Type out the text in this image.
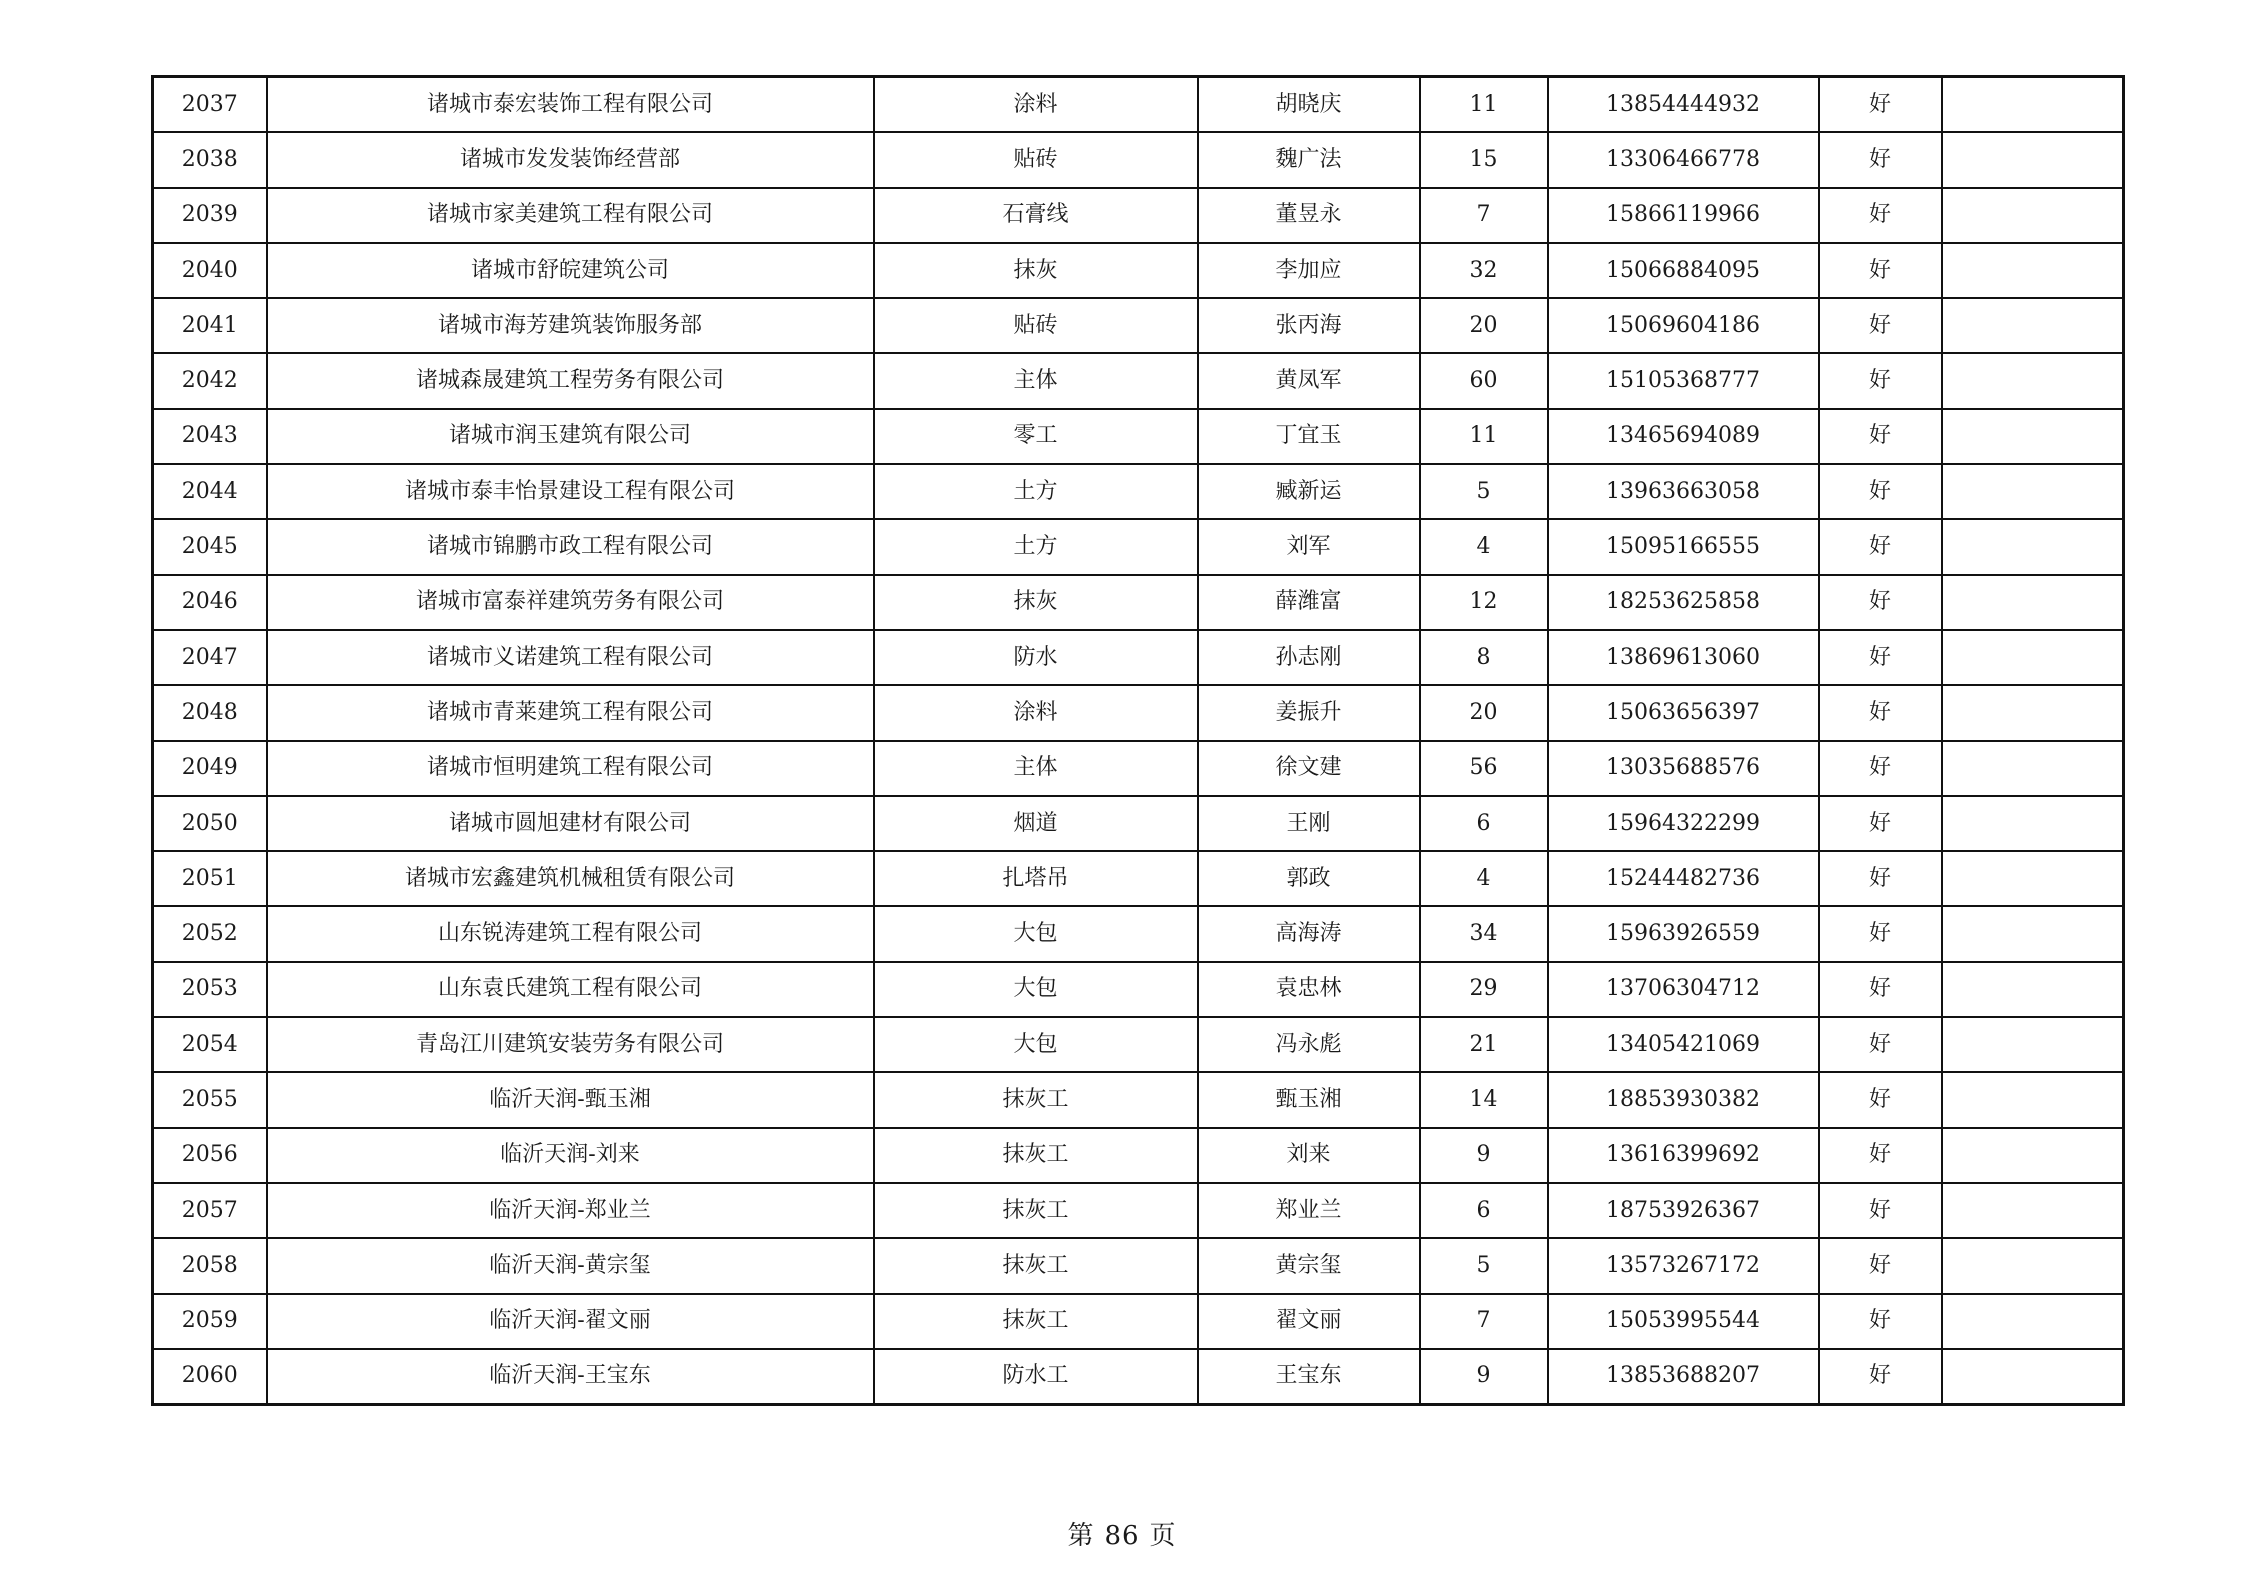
2037	诸城市泰宏装饰工程有限公司	涂料	胡晓庆	11	13854444932	好	
2038	诸城市发发装饰经营部	贴砖	魏广法	15	13306466778	好	
2039	诸城市家美建筑工程有限公司	石膏线	董昱永	7	15866119966	好	
2040	诸城市舒皖建筑公司	抹灰	李加应	32	15066884095	好	
2041	诸城市海芳建筑装饰服务部	贴砖	张丙海	20	15069604186	好	
2042	诸城森晟建筑工程劳务有限公司	主体	黄凤军	60	15105368777	好	
2043	诸城市润玉建筑有限公司	零工	丁宜玉	11	13465694089	好	
2044	诸城市泰丰怡景建设工程有限公司	土方	臧新运	5	13963663058	好	
2045	诸城市锦鹏市政工程有限公司	土方	刘军	4	15095166555	好	
2046	诸城市富泰祥建筑劳务有限公司	抹灰	薛潍富	12	18253625858	好	
2047	诸城市义诺建筑工程有限公司	防水	孙志刚	8	13869613060	好	
2048	诸城市青莱建筑工程有限公司	涂料	姜振升	20	15063656397	好	
2049	诸城市恒明建筑工程有限公司	主体	徐文建	56	13035688576	好	
2050	诸城市圆旭建材有限公司	烟道	王刚	6	15964322299	好	
2051	诸城市宏鑫建筑机械租赁有限公司	扎塔吊	郭政	4	15244482736	好	
2052	山东锐涛建筑工程有限公司	大包	高海涛	34	15963926559	好	
2053	山东袁氏建筑工程有限公司	大包	袁忠林	29	13706304712	好	
2054	青岛江川建筑安装劳务有限公司	大包	冯永彪	21	13405421069	好	
2055	临沂天润-甄玉湘	抹灰工	甄玉湘	14	18853930382	好	
2056	临沂天润-刘来	抹灰工	刘来	9	13616399692	好	
2057	临沂天润-郑业兰	抹灰工	郑业兰	6	18753926367	好	
2058	临沂天润-黄宗玺	抹灰工	黄宗玺	5	13573267172	好	
2059	临沂天润-翟文丽	抹灰工	翟文丽	7	15053995544	好	
2060	临沂天润-王宝东	防水工	王宝东	9	13853688207	好	
第 86 页
